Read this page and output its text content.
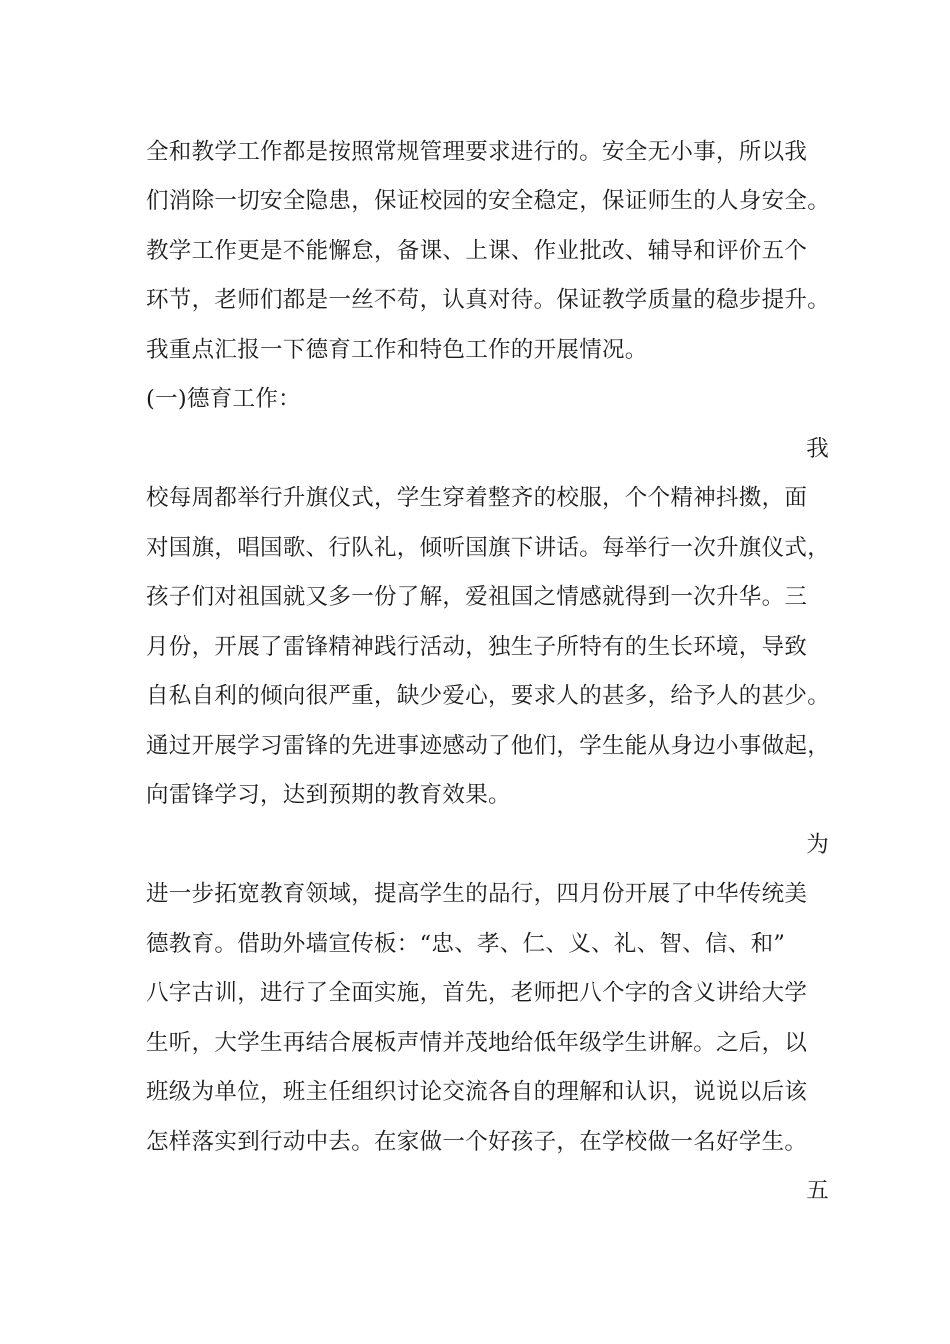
全和教学工作都是按照常规管理要求进行的。安全无小事，所以我
们消除一切安全隐患，保证校园的安全稳定，保证师生的人身安全。
教学工作更是不能懈怠，备课、上课、作业批改、辅导和评价五个
环节，老师们都是一丝不苟，认真对待。保证教学质量的稳步提升。
我重点汇报一下德育工作和特色工作的开展情况。
(一)德育工作：
我
校每周都举行升旗仪式，学生穿着整齐的校服，个个精神抖擞，面
对国旗，唱国歌、行队礼，倾听国旗下讲话。每举行一次升旗仪式，
孩子们对祖国就又多一份了解，爱祖国之情感就得到一次升华。三
月份，开展了雷锋精神践行活动，独生子所特有的生长环境，导致
自私自利的倾向很严重，缺少爱心，要求人的甚多，给予人的甚少。
通过开展学习雷锋的先进事迹感动了他们，学生能从身边小事做起，
向雷锋学习，达到预期的教育效果。
为
进一步拓宽教育领域，提高学生的品行，四月份开展了中华传统美
德教育。借助外墙宣传板：“忠、孝、仁、义、礼、智、信、和”
八字古训，进行了全面实施，首先，老师把八个字的含义讲给大学
生听，大学生再结合展板声情并茂地给低年级学生讲解。之后，以
班级为单位，班主任组织讨论交流各自的理解和认识，说说以后该
怎样落实到行动中去。在家做一个好孩子，在学校做一名好学生。
五
